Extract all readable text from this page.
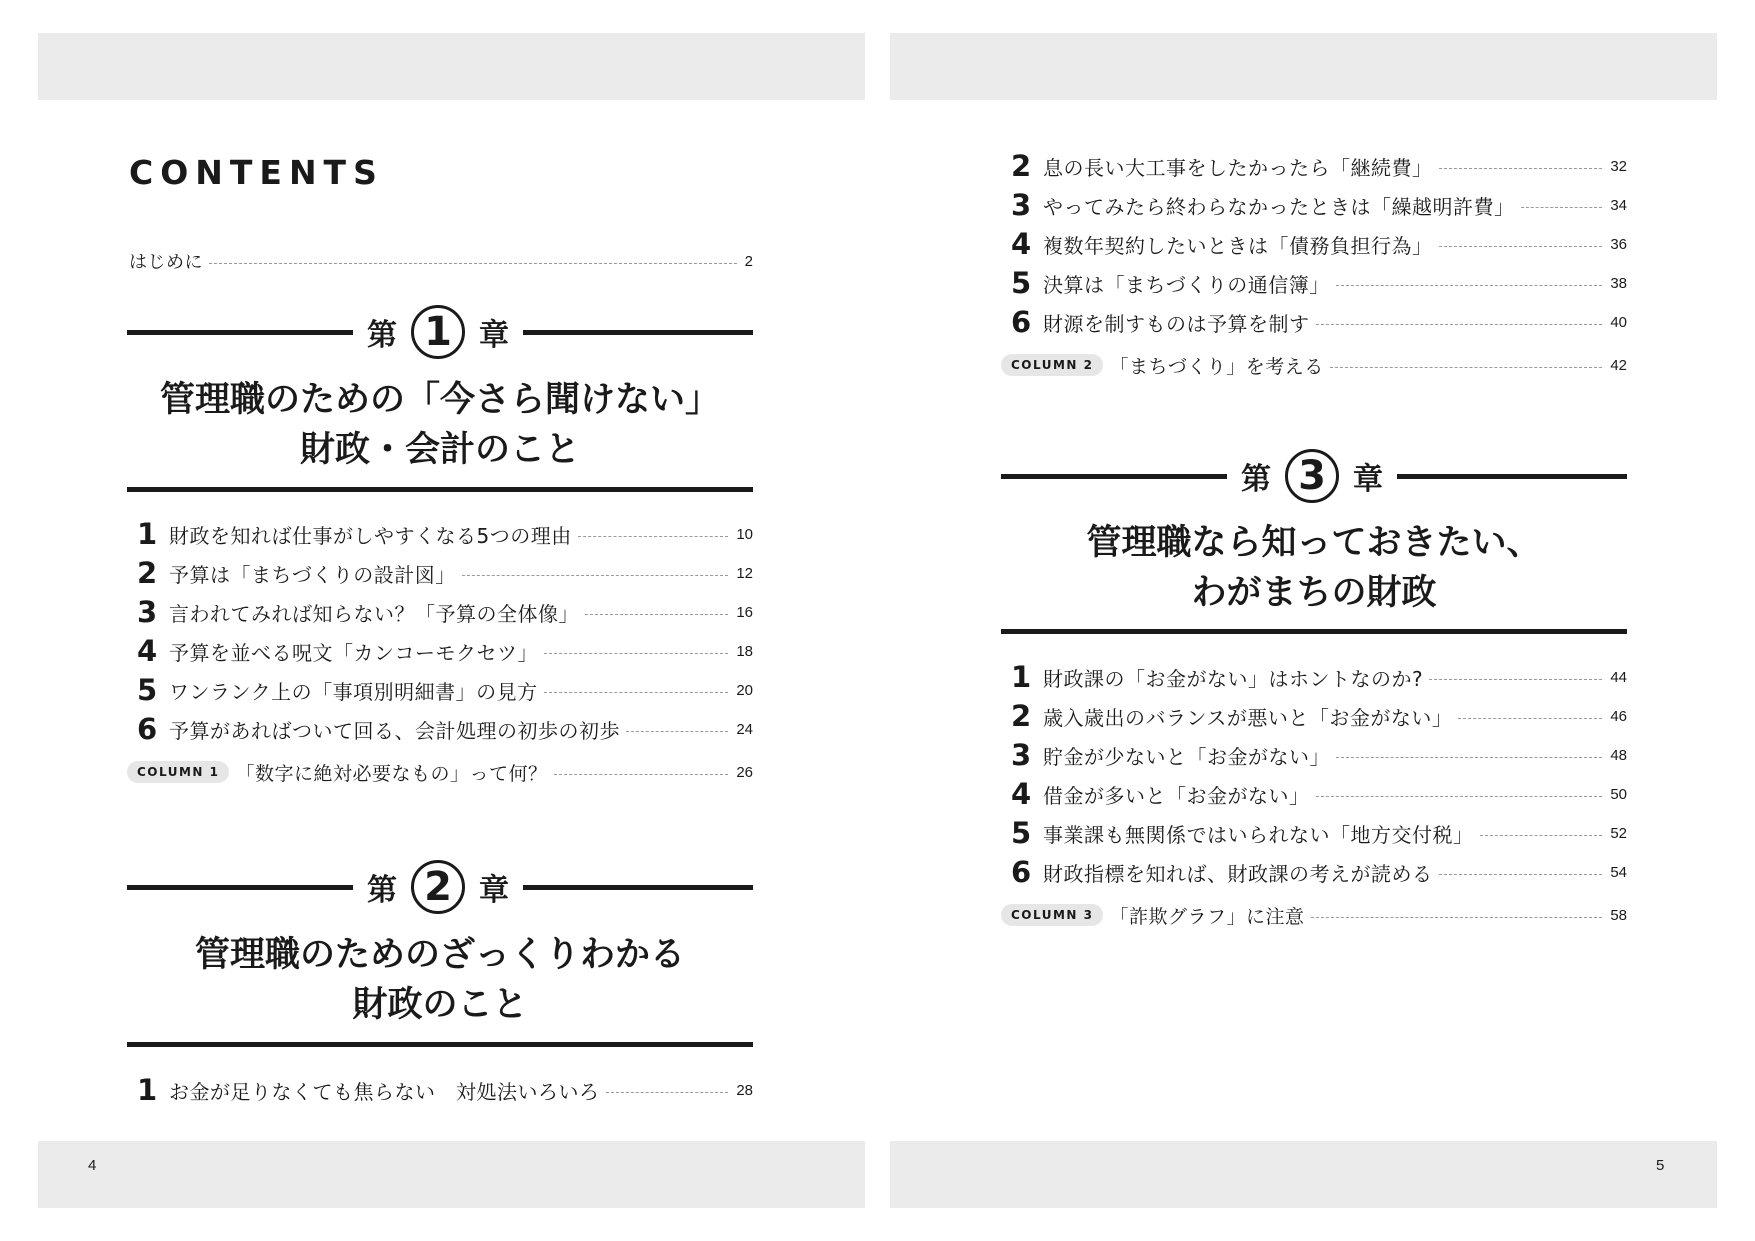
4	5
CONTENTS
はじめに	2
第 1 章
管理職のための「今さら聞けない」
財政・会計のこと
1 財政を知れば仕事がしやすくなる5つの理由	10
2 予算は「まちづくりの設計図」	12
3 言われてみれば知らない？「予算の全体像」	16
4 予算を並べる呪文「カンコーモクセツ」	18
5 ワンランク上の「事項別明細書」の見方	20
6 予算があればついて回る、会計処理の初歩の初歩	24
COLUMN 1 「数字に絶対必要なもの」って何？	26
第 2 章
管理職のためのざっくりわかる
財政のこと
1 お金が足りなくても焦らない　対処法いろいろ	28
2 息の長い大工事をしたかったら「継続費」	32
3 やってみたら終わらなかったときは「繰越明許費」	34
4 複数年契約したいときは「債務負担行為」	36
5 決算は「まちづくりの通信簿」	38
6 財源を制すものは予算を制す	40
COLUMN 2 「まちづくり」を考える	42
第 3 章
管理職なら知っておきたい、
わがまちの財政
1 財政課の「お金がない」はホントなのか?	44
2 歳入歳出のバランスが悪いと「お金がない」	46
3 貯金が少ないと「お金がない」	48
4 借金が多いと「お金がない」	50
5 事業課も無関係ではいられない「地方交付税」	52
6 財政指標を知れば、財政課の考えが読める	54
COLUMN 3 「詐欺グラフ」に注意	58
